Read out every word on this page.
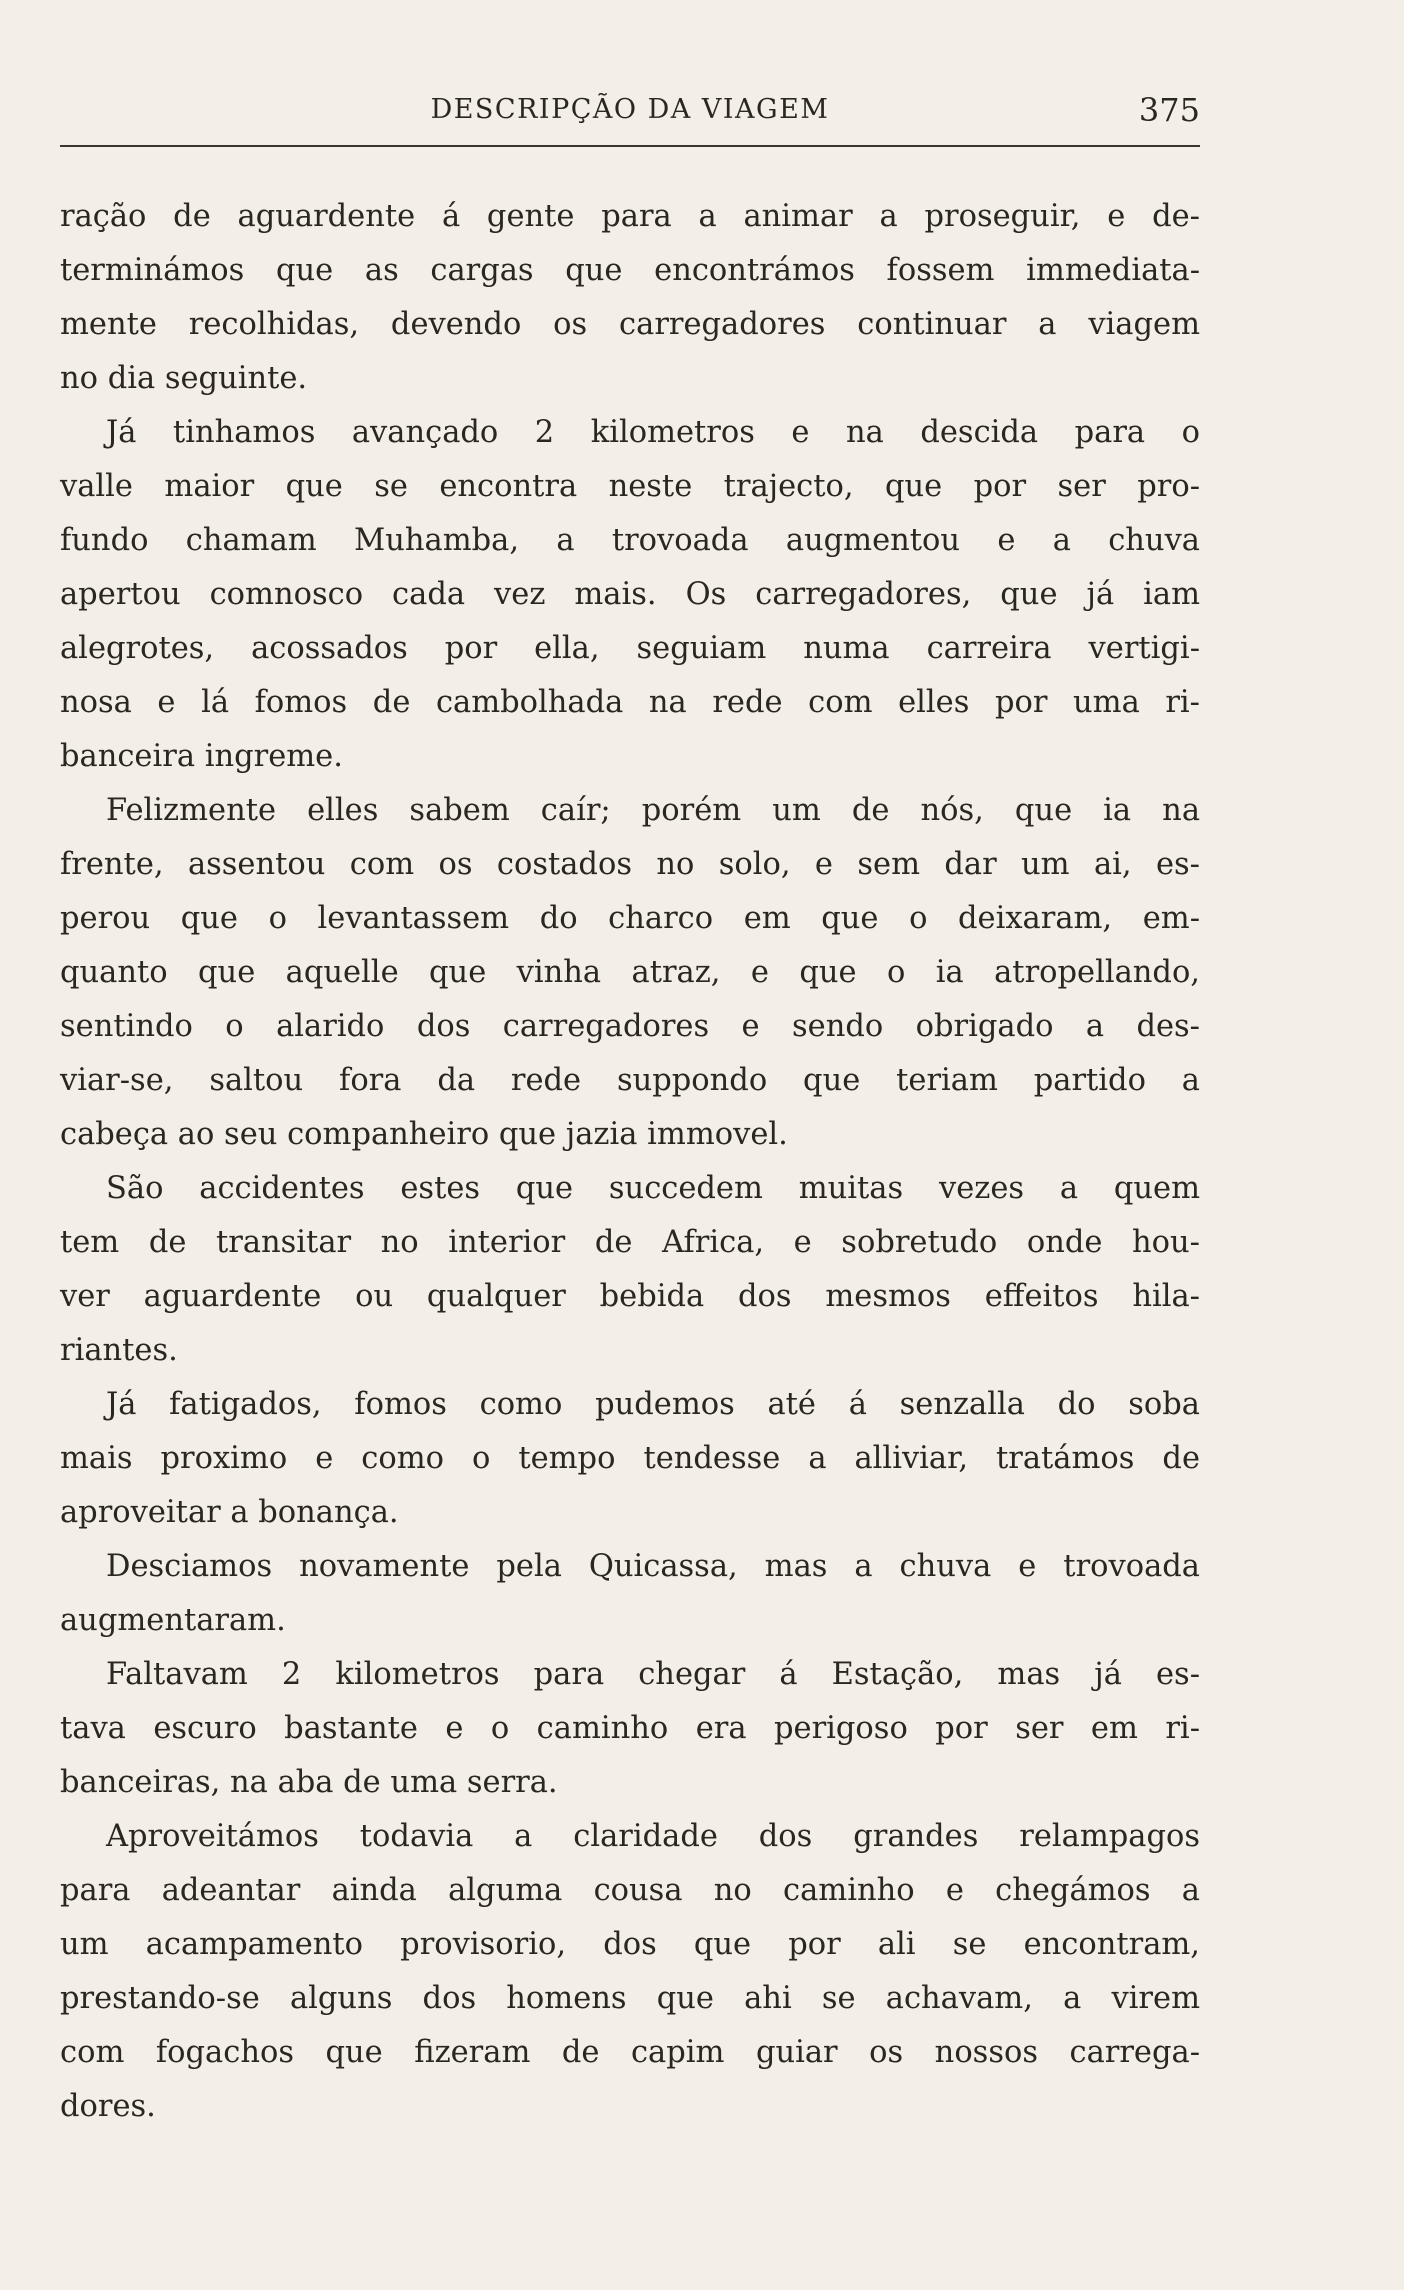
DESCRIPÇÃO DA VIAGEM	375
ração de aguardente á gente para a animar a proseguir, e de-
terminámos que as cargas que encontrámos fossem immediata-
mente recolhidas, devendo os carregadores continuar a viagem
no dia seguinte.
Já tinhamos avançado 2 kilometros e na descida para o
valle maior que se encontra neste trajecto, que por ser pro-
fundo chamam Muhamba, a trovoada augmentou e a chuva
apertou comnosco cada vez mais. Os carregadores, que já iam
alegrotes, acossados por ella, seguiam numa carreira vertigi-
nosa e lá fomos de cambolhada na rede com elles por uma ri-
banceira ingreme.
Felizmente elles sabem caír; porém um de nós, que ia na
frente, assentou com os costados no solo, e sem dar um ai, es-
perou que o levantassem do charco em que o deixaram, em-
quanto que aquelle que vinha atraz, e que o ia atropellando,
sentindo o alarido dos carregadores e sendo obrigado a des-
viar-se, saltou fora da rede suppondo que teriam partido a
cabeça ao seu companheiro que jazia immovel.
São accidentes estes que succedem muitas vezes a quem
tem de transitar no interior de Africa, e sobretudo onde hou-
ver aguardente ou qualquer bebida dos mesmos effeitos hila-
riantes.
Já fatigados, fomos como pudemos até á senzalla do soba
mais proximo e como o tempo tendesse a alliviar, tratámos de
aproveitar a bonança.
Desciamos novamente pela Quicassa, mas a chuva e trovoada
augmentaram.
Faltavam 2 kilometros para chegar á Estação, mas já es-
tava escuro bastante e o caminho era perigoso por ser em ri-
banceiras, na aba de uma serra.
Aproveitámos todavia a claridade dos grandes relampagos
para adeantar ainda alguma cousa no caminho e chegámos a
um acampamento provisorio, dos que por ali se encontram,
prestando-se alguns dos homens que ahi se achavam, a virem
com fogachos que fizeram de capim guiar os nossos carrega-
dores.
